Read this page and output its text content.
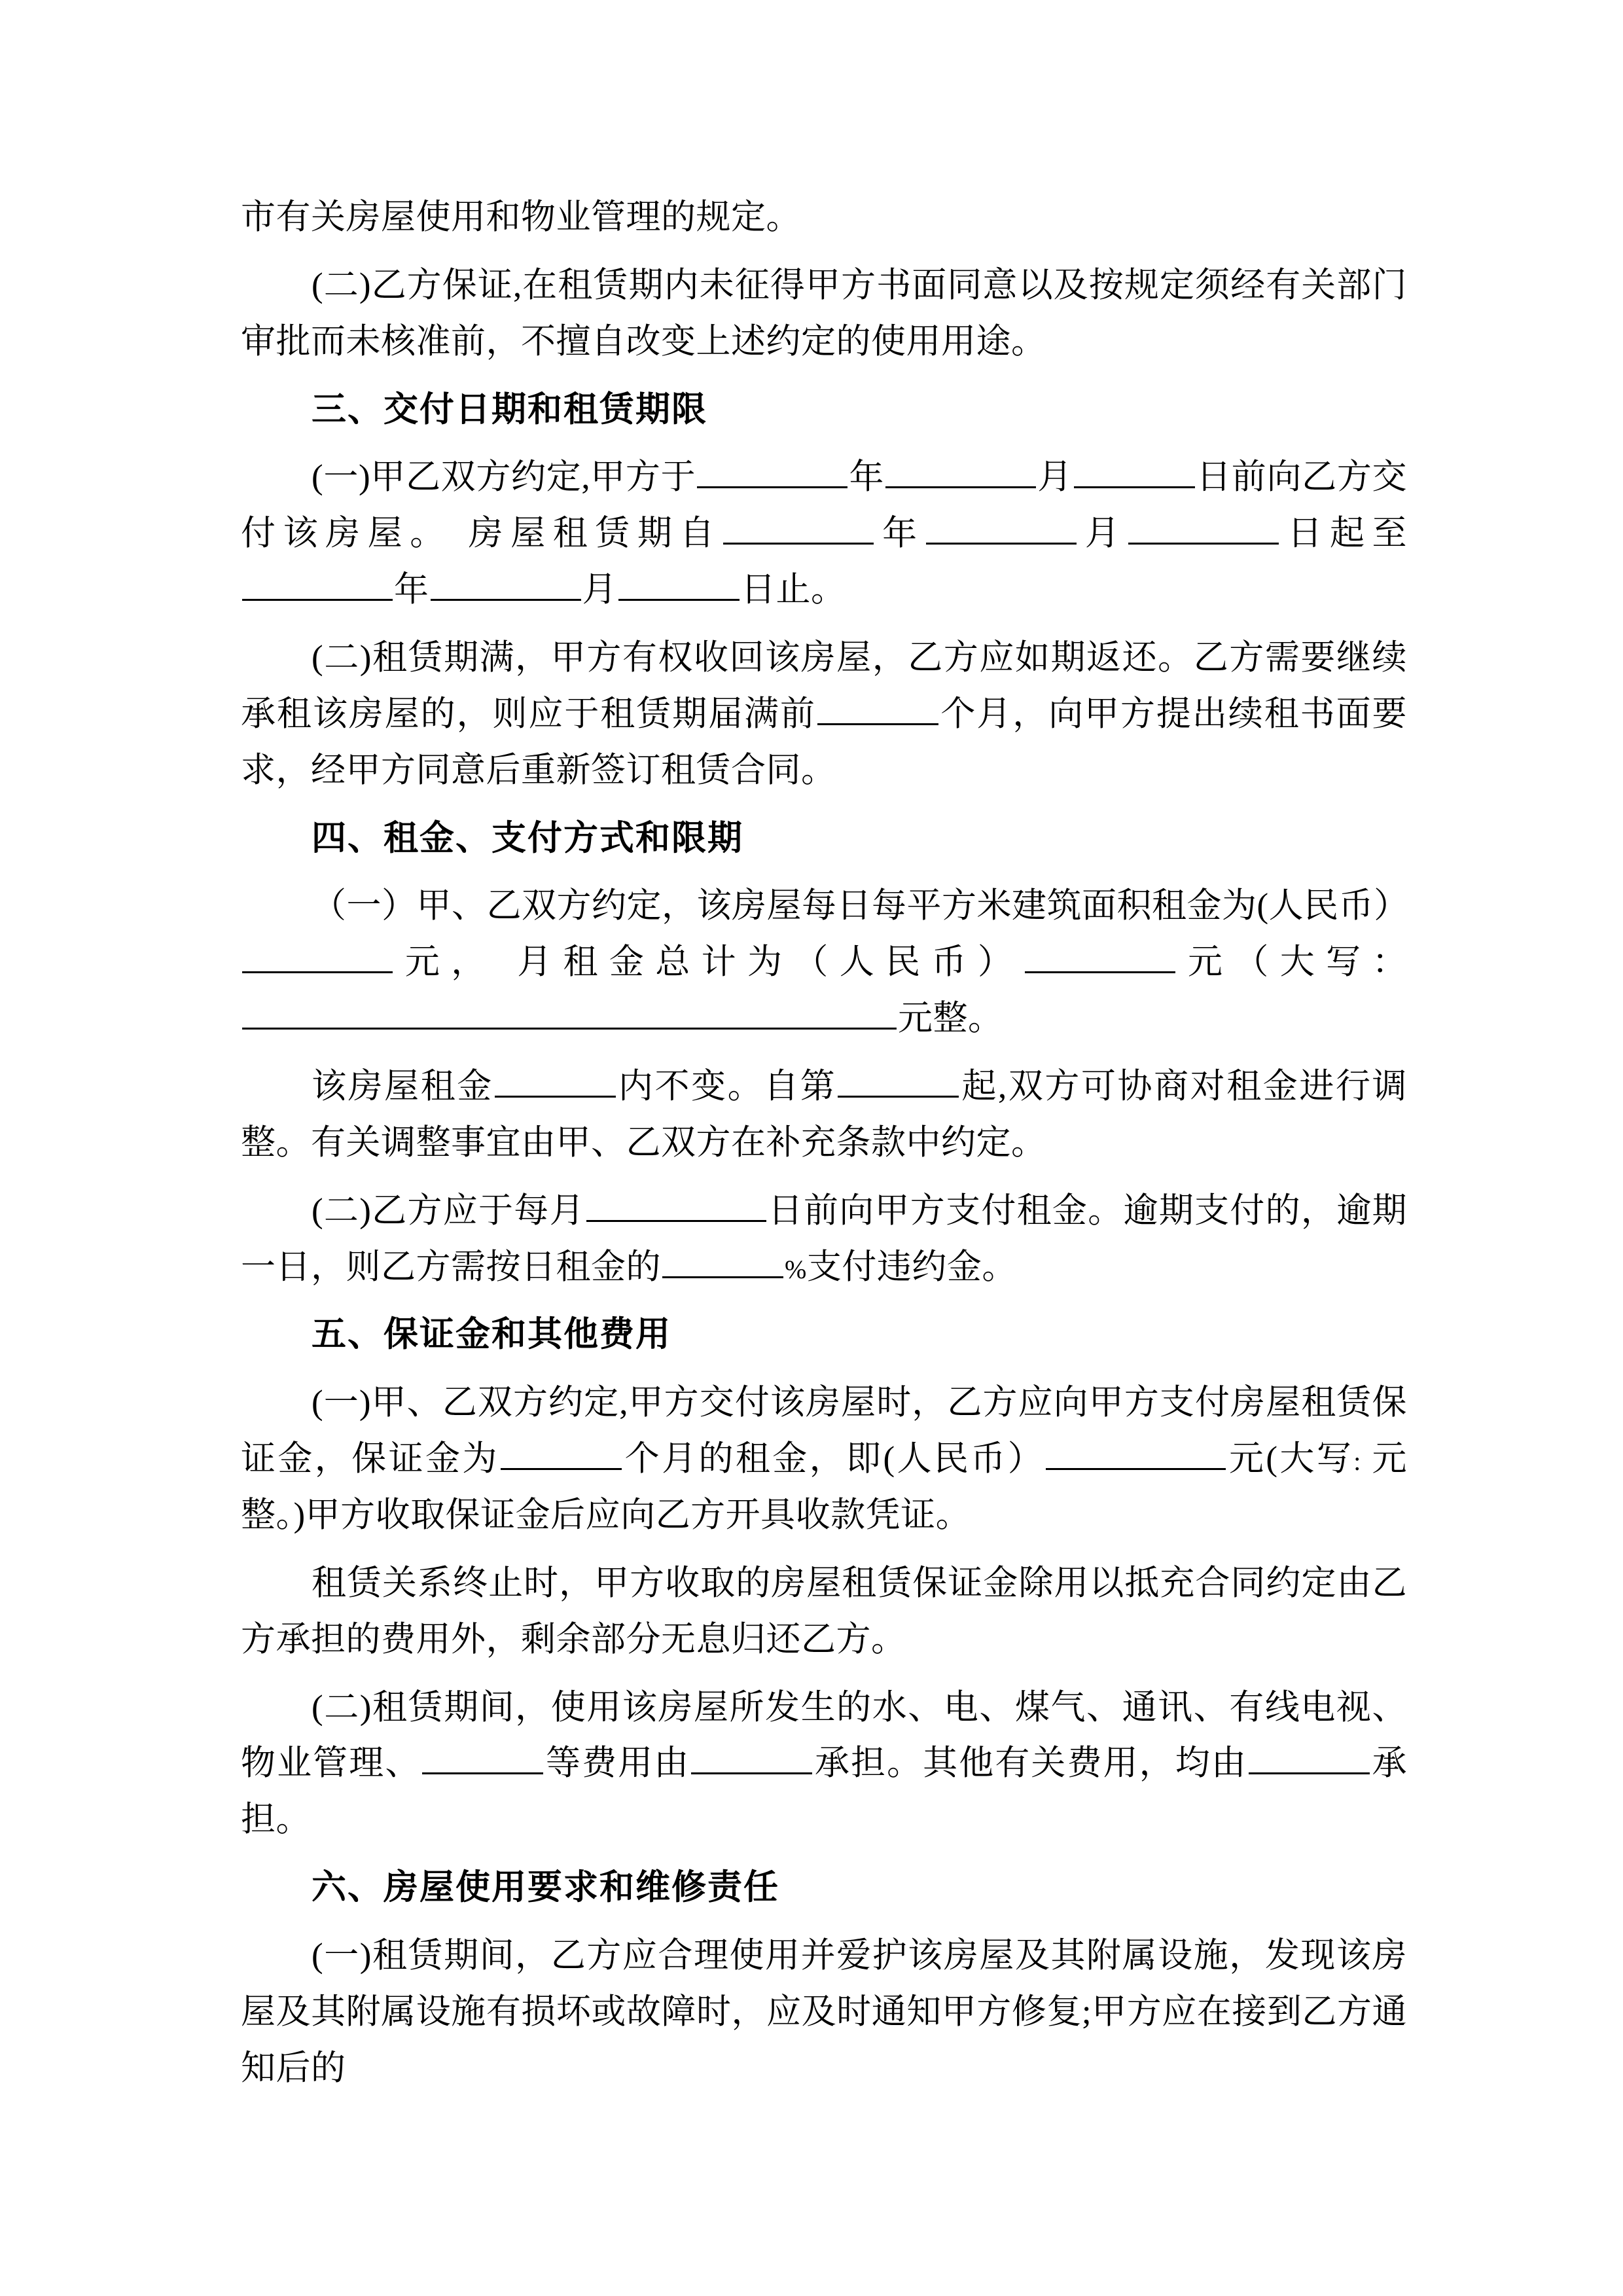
市有关房屋使用和物业管理的规定。

(二)乙方保证,在租赁期内未征得甲方书面同意以及按规定须经有关部门审批而未核准前，不擅自改变上述约定的使用用途。

三、交付日期和租赁期限

(一)甲乙双方约定,甲方于	年	月	日前向乙方交付该房屋。 房屋租赁期自	年	月	日起至年	月	日止。

(二)租赁期满，甲方有权收回该房屋，乙方应如期返还。乙方需要继续承租该房屋的，则应于租赁期届满前	个月，向甲方提出续租书面要求，经甲方同意后重新签订租赁合同。

四、租金、支付方式和限期

（一）甲、乙双方约定，该房屋每日每平方米建筑面积租金为(人民币）元， 月租金总计为（人民币）	元（大写：元整。

该房屋租金	内不变。自第	起,双方可协商对租金进行调整。有关调整事宜由甲、乙双方在补充条款中约定。

(二)乙方应于每月	日前向甲方支付租金。逾期支付的，逾期一日，则乙方需按日租金的	%支付违约金。

五、保证金和其他费用

(一)甲、乙双方约定,甲方交付该房屋时，乙方应向甲方支付房屋租赁保证金，保证金为	个月的租金，即(人民币）	元(大写: 元整。)甲方收取保证金后应向乙方开具收款凭证。

租赁关系终止时，甲方收取的房屋租赁保证金除用以抵充合同约定由乙方承担的费用外，剩余部分无息归还乙方。

(二)租赁期间，使用该房屋所发生的水、电、煤气、通讯、有线电视、物业管理、	等费用由	承担。其他有关费用，均由	承担。

六、房屋使用要求和维修责任

(一)租赁期间，乙方应合理使用并爱护该房屋及其附属设施，发现该房屋及其附属设施有损坏或故障时，应及时通知甲方修复;甲方应在接到乙方通知后的
